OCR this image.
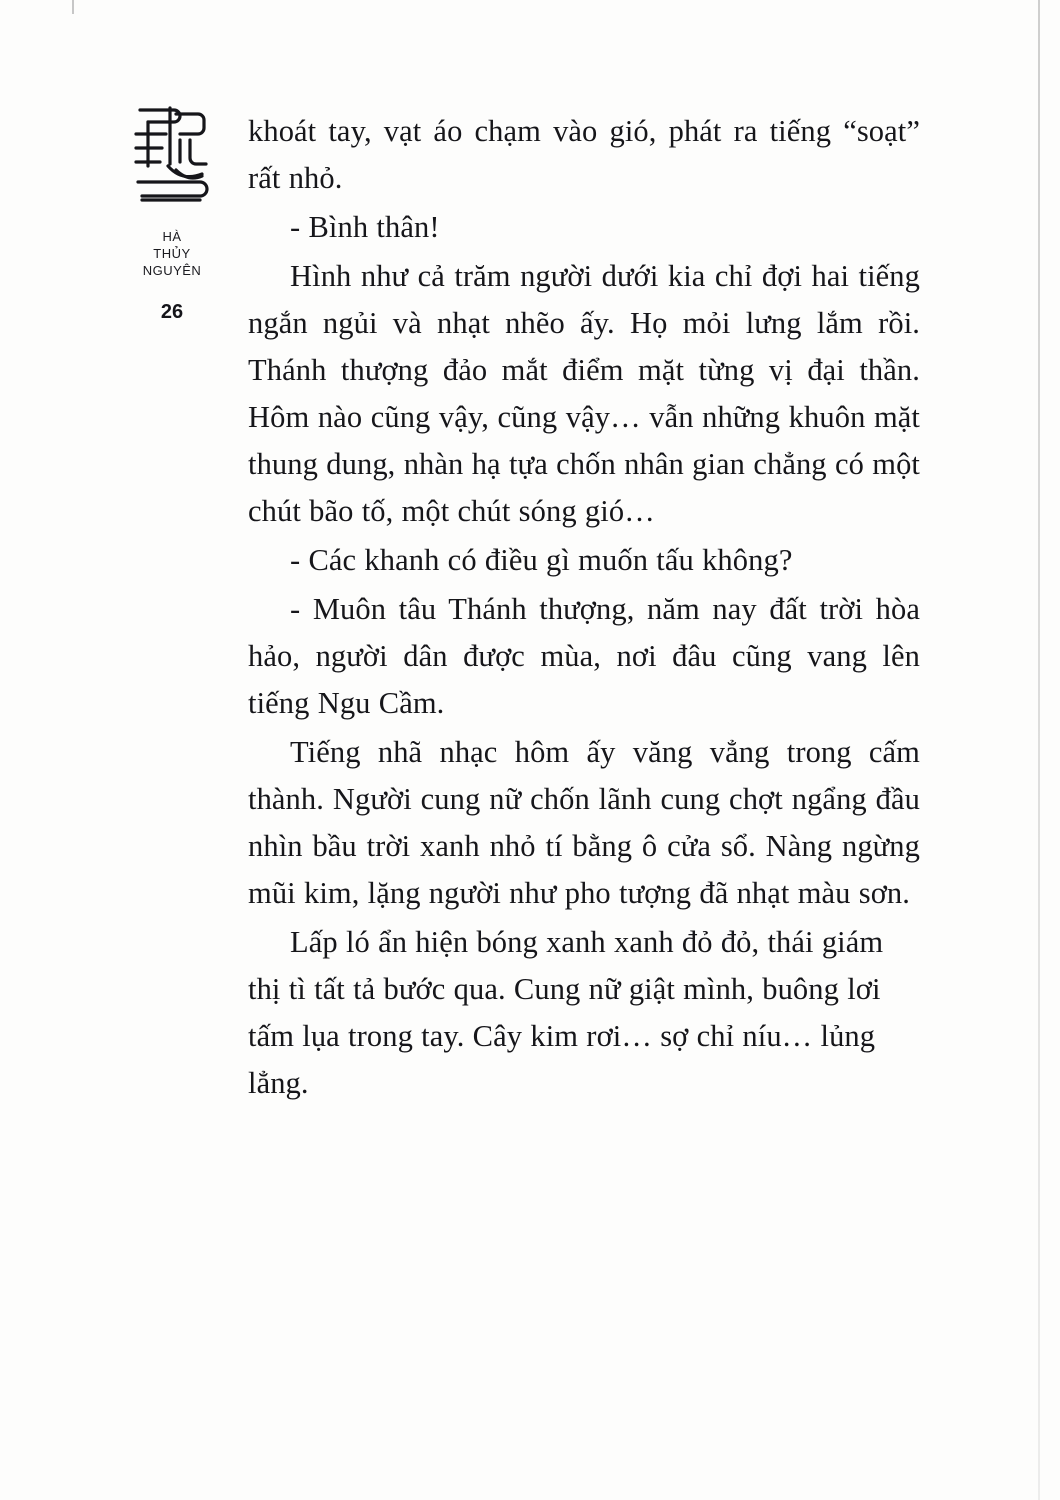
HÀ
THỦY
NGUYÊN
26

khoát tay, vạt áo chạm vào gió, phát ra tiếng “soạt” rất nhỏ.

- Bình thân!

Hình như cả trăm người dưới kia chỉ đợi hai tiếng ngắn ngủi và nhạt nhẽo ấy. Họ mỏi lưng lắm rồi. Thánh thượng đảo mắt điểm mặt từng vị đại thần. Hôm nào cũng vậy, cũng vậy… vẫn những khuôn mặt thung dung, nhàn hạ tựa chốn nhân gian chẳng có một chút bão tố, một chút sóng gió…

- Các khanh có điều gì muốn tấu không?

- Muôn tâu Thánh thượng, năm nay đất trời hòa hảo, người dân được mùa, nơi đâu cũng vang lên tiếng Ngu Cầm.

Tiếng nhã nhạc hôm ấy văng vẳng trong cấm thành. Người cung nữ chốn lãnh cung chợt ngẩng đầu nhìn bầu trời xanh nhỏ tí bằng ô cửa sổ. Nàng ngừng mũi kim, lặng người như pho tượng đã nhạt màu sơn.

Lấp ló ẩn hiện bóng xanh xanh đỏ đỏ, thái giám thị tì tất tả bước qua. Cung nữ giật mình, buông lơi tấm lụa trong tay. Cây kim rơi… sợ chỉ níu… lủng lẳng.
